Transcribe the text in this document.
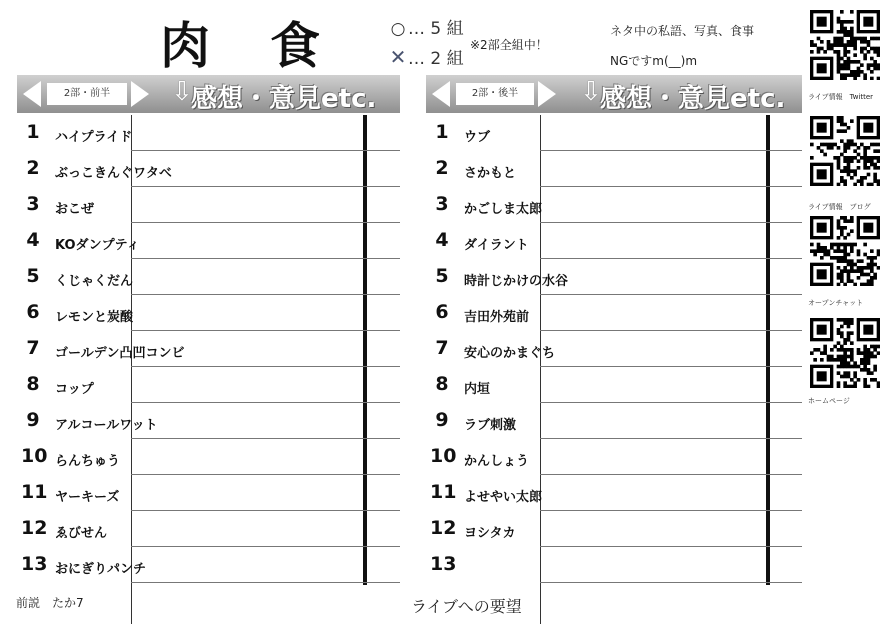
肉 食	○ … 5 組
✕… 2 組
※2部全組中！
ネタ中の私語、写真、食事
NGですm(__)m
2部・前半	⇩
感想・意見etc.
1	ハイプライド
2	ぶっこきんぐワタベ
3	おこぜ
4	KOダンプティ
5	くじゃくだん
6	レモンと炭酸
7	ゴールデン凸凹コンビ
8	コップ
9	アルコールワット
10 らんちゅう
11 ヤーキーズ
12 ゑびせん
13 おにぎりパンチ
2部・後半	⇩
感想・意見etc.
1	ウブ
2	さかもと
3	かごしま太郎
4	ダイラント
5	時計じかけの水谷
6	吉田外苑前
7	安心のかまぐち
8	内垣
9	ラブ刺激
10 かんしょう
11 よせやい太郎
12 ヨシタカ
13
前説　たか7	ライブへの要望
ライブ情報　Twitter
ライブ情報　ブログ
オープンチャット
ホームページ
